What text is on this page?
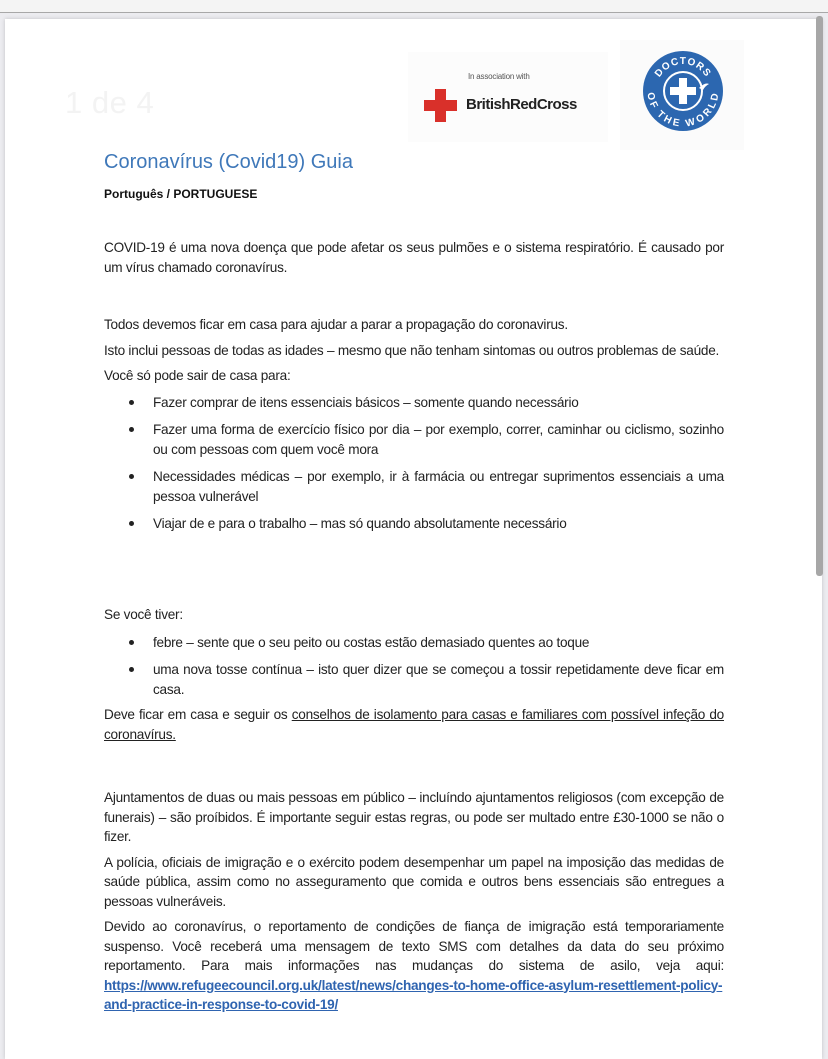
1 de 4
In association with
BritishRedCross
DOCTORS
OF THE WORLD
Coronavírus (Covid19) Guia
Português / PORTUGUESE

COVID-19 é uma nova doença que pode afetar os seus pulmões e o sistema respiratório. É causado por um vírus chamado coronavírus.

Todos devemos ficar em casa para ajudar a parar a propagação do coronavirus.

Isto inclui pessoas de todas as idades – mesmo que não tenham sintomas ou outros problemas de saúde.

Você só pode sair de casa para:

Fazer comprar de itens essenciais básicos – somente quando necessário
Fazer uma forma de exercício físico por dia – por exemplo, correr, caminhar ou ciclismo, sozinho ou com pessoas com quem você mora
Necessidades médicas – por exemplo, ir à farmácia ou entregar suprimentos essenciais a uma pessoa vulnerável
Viajar de e para o trabalho – mas só quando absolutamente necessário

Se você tiver:

febre – sente que o seu peito ou costas estão demasiado quentes ao toque
uma nova tosse contínua – isto quer dizer que se começou a tossir repetidamente deve ficar em casa.

Deve ficar em casa e seguir os conselhos de isolamento para casas e familiares com possível infeção do coronavírus.

Ajuntamentos de duas ou mais pessoas em público – incluíndo ajuntamentos religiosos (com excepção de funerais) – são proíbidos. É importante seguir estas regras, ou pode ser multado entre £30-1000 se não o fizer.

A polícia, oficiais de imigração e o exército podem desempenhar um papel na imposição das medidas de saúde pública, assim como no asseguramento que comida e outros bens essenciais são entregues a pessoas vulneráveis.

Devido ao coronavírus, o reportamento de condições de fiança de imigração está temporariamente suspenso. Você receberá uma mensagem de texto SMS com detalhes da data do seu próximo reportamento. Para mais informações nas mudanças do sistema de asilo, veja aqui: https://www.refugeecouncil.org.uk/latest/news/changes-to-home-office-asylum-resettlement-policy-and-practice-in-response-to-covid-19/
